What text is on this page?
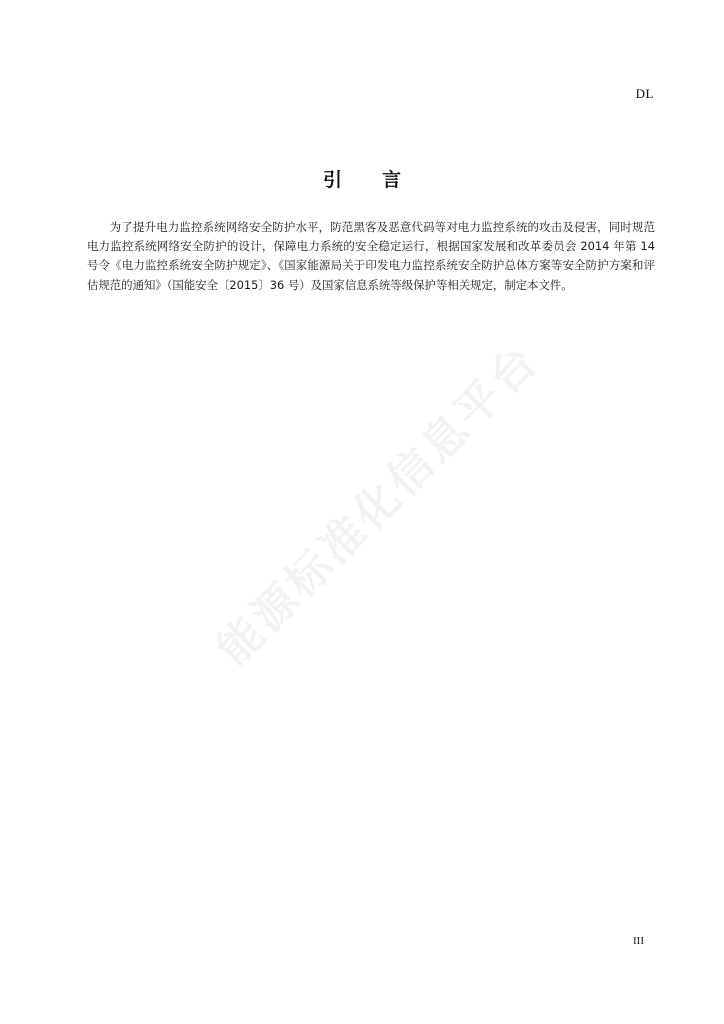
DL
引言

为了提升电力监控系统网络安全防护水平，防范黑客及恶意代码等对电力监控系统的攻击及侵害，同时规范电力监控系统网络安全防护的设计，保障电力系统的安全稳定运行，根据国家发展和改革委员会 2014 年第 14 号令《电力监控系统安全防护规定》、《国家能源局关于印发电力监控系统安全防护总体方案等安全防护方案和评估规范的通知》（国能安全〔2015〕36 号）及国家信息系统等级保护等相关规定，制定本文件。

能源标准化信息平台
III
